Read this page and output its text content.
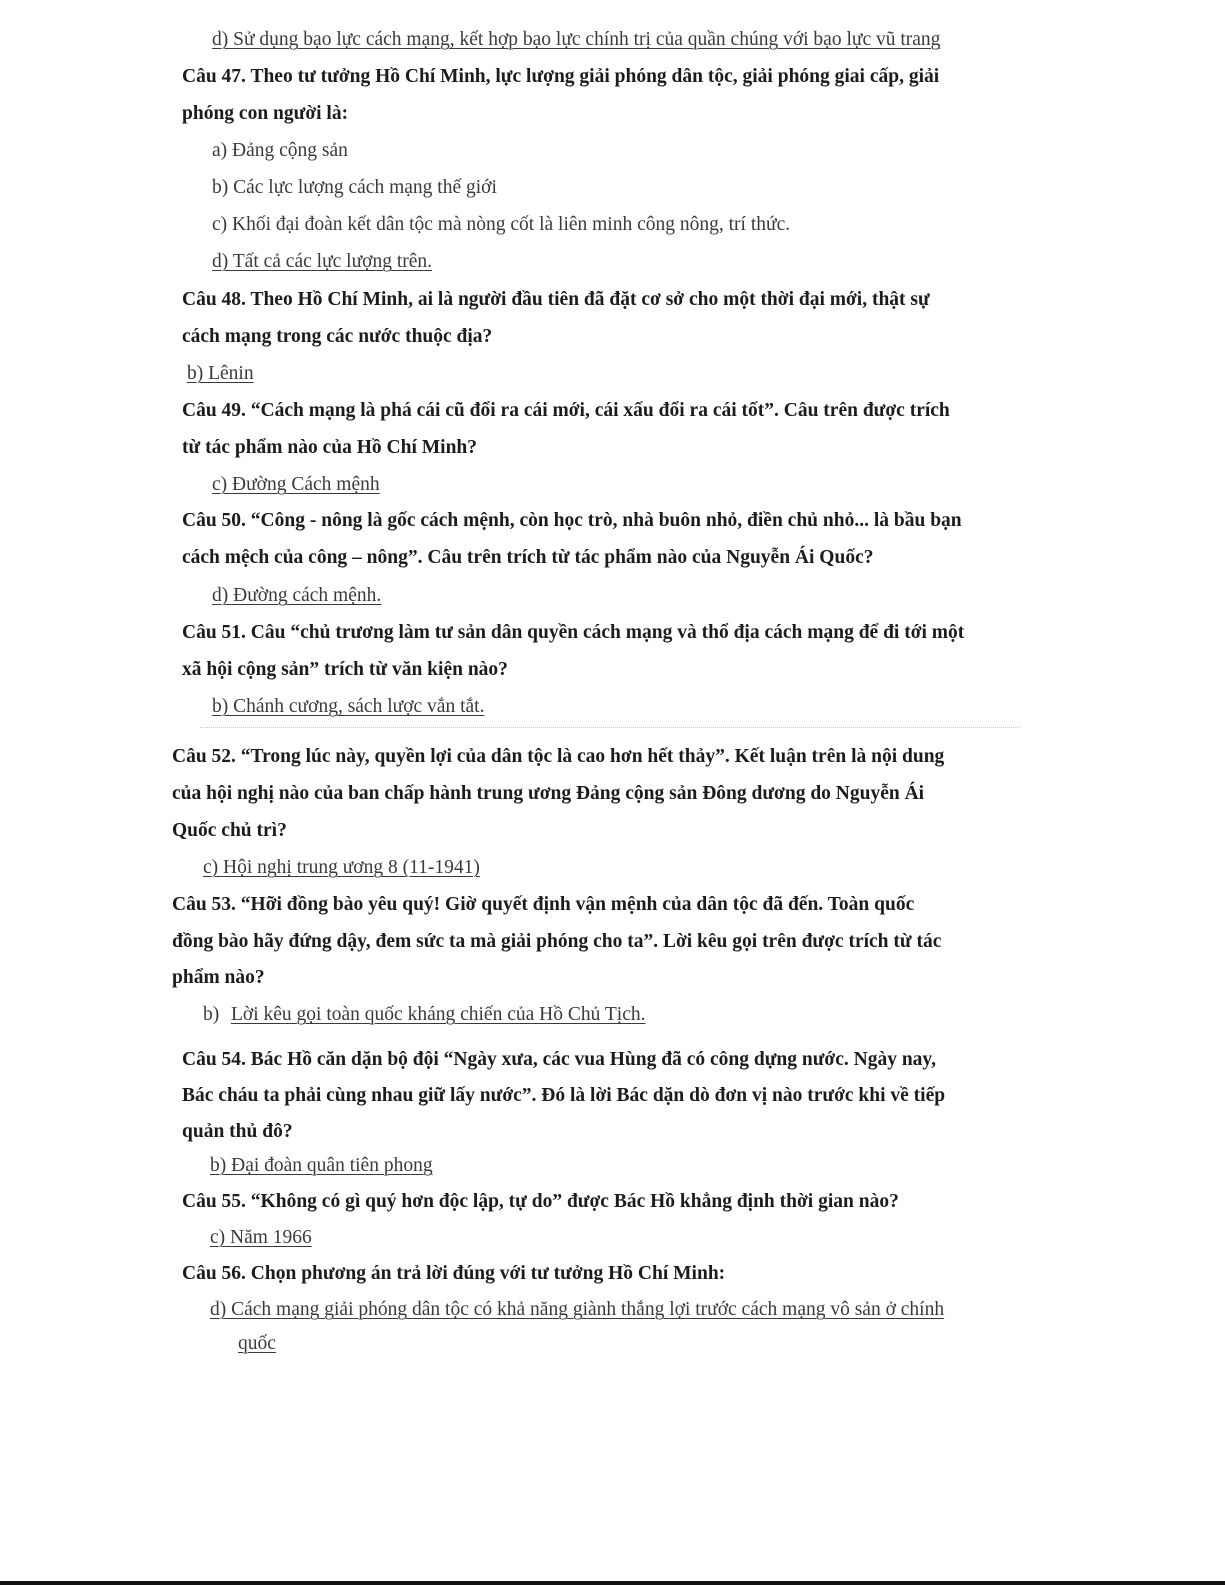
d) Sử dụng bạo lực cách mạng, kết hợp bạo lực chính trị của quần chúng với bạo lực vũ trang
Câu 47. Theo tư tưởng Hồ Chí Minh, lực lượng giải phóng dân tộc, giải phóng giai cấp, giải
phóng con người là:
a) Đảng cộng sản
b) Các lực lượng cách mạng thế giới
c) Khối đại đoàn kết dân tộc mà nòng cốt là liên minh công nông, trí thức.
d) Tất cả các lực lượng trên.
Câu 48. Theo Hồ Chí Minh, ai là người đầu tiên đã đặt cơ sở cho một thời đại mới, thật sự
cách mạng trong các nước thuộc địa?
b) Lênin
Câu 49. “Cách mạng là phá cái cũ đổi ra cái mới, cái xấu đổi ra cái tốt”. Câu trên được trích
từ tác phẩm nào của Hồ Chí Minh?
c) Đường Cách mệnh
Câu 50. “Công - nông là gốc cách mệnh, còn học trò, nhà buôn nhỏ, điền chủ nhỏ... là bầu bạn
cách mệch của công – nông”. Câu trên trích từ tác phẩm nào của Nguyễn Ái Quốc?
d) Đường cách mệnh.
Câu 51. Câu “chủ trương làm tư sản dân quyền cách mạng và thổ địa cách mạng để đi tới một
xã hội cộng sản” trích từ văn kiện nào?
b) Chánh cương, sách lược vắn tắt.
Câu 52. “Trong lúc này, quyền lợi của dân tộc là cao hơn hết thảy”. Kết luận trên là nội dung
của hội nghị nào của ban chấp hành trung ương Đảng cộng sản Đông dương do Nguyễn Ái
Quốc chủ trì?
c) Hội nghị trung ương 8 (11-1941)
Câu 53. “Hỡi đồng bào yêu quý! Giờ quyết định vận mệnh của dân tộc đã đến. Toàn quốc
đồng bào hãy đứng dậy, đem sức ta mà giải phóng cho ta”. Lời kêu gọi trên được trích từ tác
phẩm nào?
b) Lời kêu gọi toàn quốc kháng chiến của Hồ Chủ Tịch.
Câu 54. Bác Hồ căn dặn bộ đội “Ngày xưa, các vua Hùng đã có công dựng nước. Ngày nay,
Bác cháu ta phải cùng nhau giữ lấy nước”. Đó là lời Bác dặn dò đơn vị nào trước khi về tiếp
quản thủ đô?
b) Đại đoàn quân tiên phong
Câu 55. “Không có gì quý hơn độc lập, tự do” được Bác Hồ khẳng định thời gian nào?
c) Năm 1966
Câu 56. Chọn phương án trả lời đúng với tư tưởng Hồ Chí Minh:
d) Cách mạng giải phóng dân tộc có khả năng giành thắng lợi trước cách mạng vô sản ở chính
quốc
